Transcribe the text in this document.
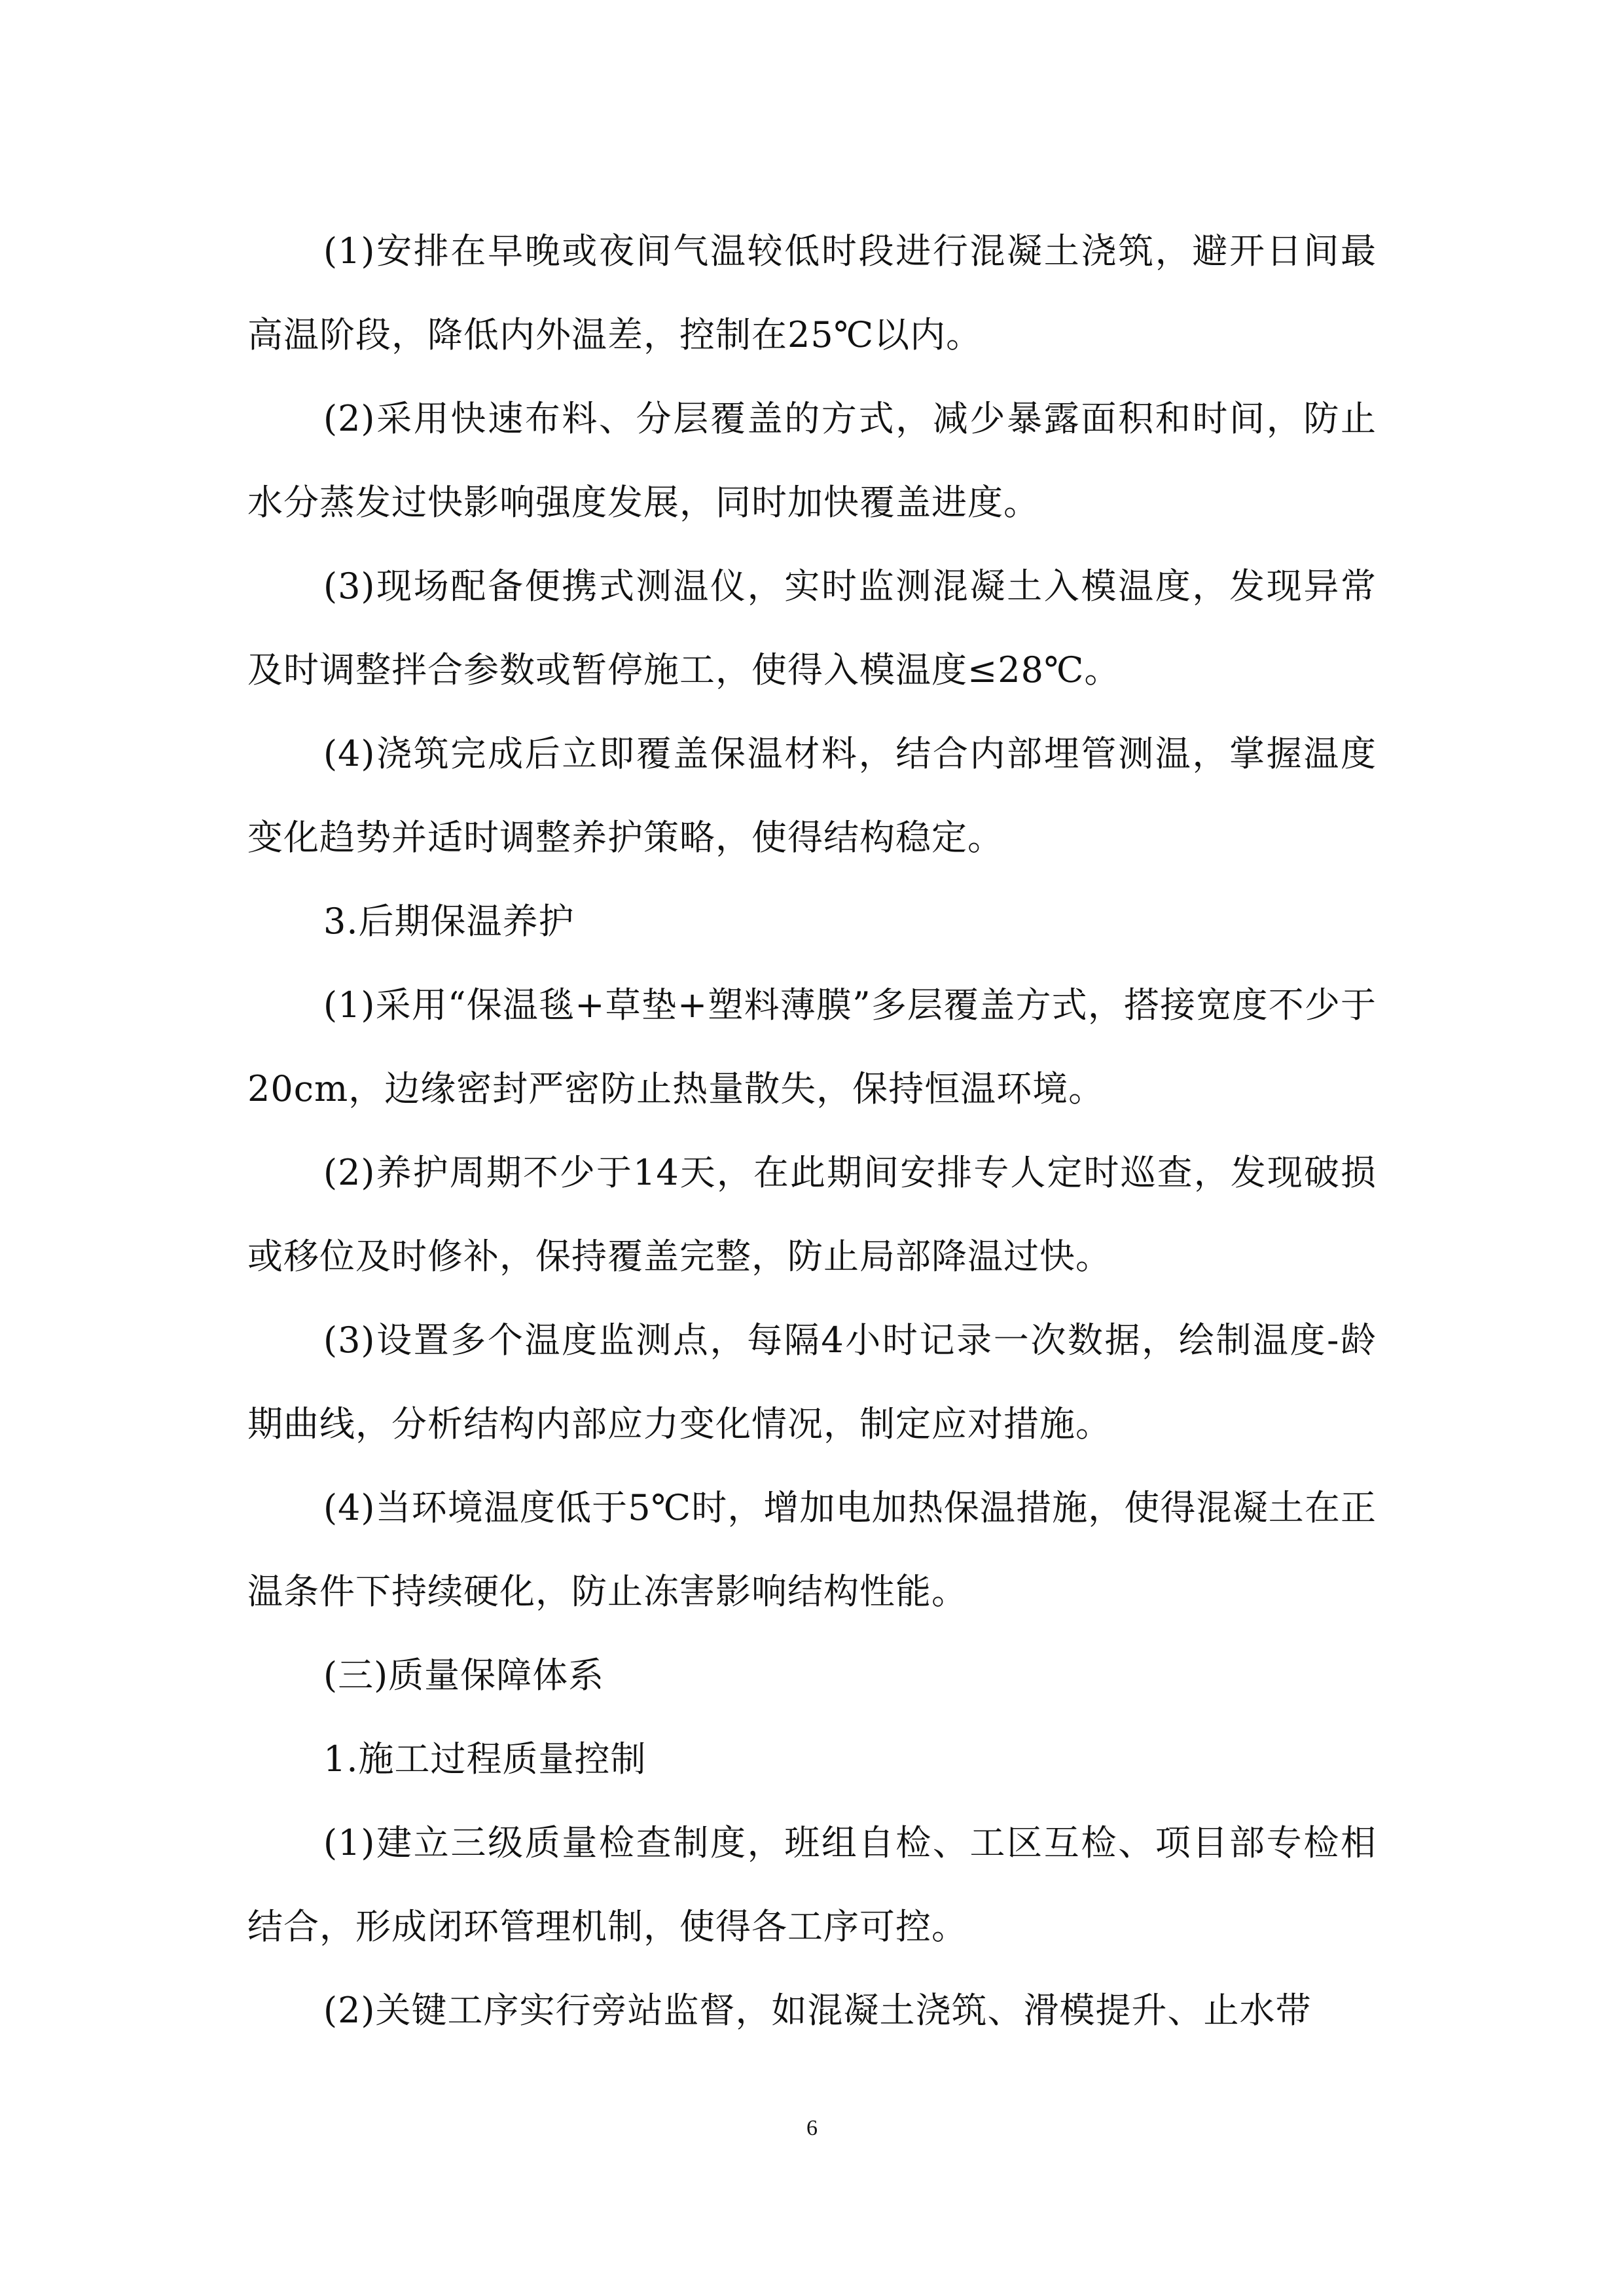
(1)安排在早晚或夜间气温较低时段进行混凝土浇筑，避开日间最高温阶段，降低内外温差，控制在25℃以内。

(2)采用快速布料、分层覆盖的方式，减少暴露面积和时间，防止水分蒸发过快影响强度发展，同时加快覆盖进度。

(3)现场配备便携式测温仪，实时监测混凝土入模温度，发现异常及时调整拌合参数或暂停施工，使得入模温度≤28℃。

(4)浇筑完成后立即覆盖保温材料，结合内部埋管测温，掌握温度变化趋势并适时调整养护策略，使得结构稳定。

3.后期保温养护

(1)采用“保温毯+草垫+塑料薄膜”多层覆盖方式，搭接宽度不少于20cm，边缘密封严密防止热量散失，保持恒温环境。

(2)养护周期不少于14天，在此期间安排专人定时巡查，发现破损或移位及时修补，保持覆盖完整，防止局部降温过快。

(3)设置多个温度监测点，每隔4小时记录一次数据，绘制温度-龄期曲线，分析结构内部应力变化情况，制定应对措施。

(4)当环境温度低于5℃时，增加电加热保温措施，使得混凝土在正温条件下持续硬化，防止冻害影响结构性能。

(三)质量保障体系

1.施工过程质量控制

(1)建立三级质量检查制度，班组自检、工区互检、项目部专检相结合，形成闭环管理机制，使得各工序可控。

(2)关键工序实行旁站监督，如混凝土浇筑、滑模提升、止水带

6
